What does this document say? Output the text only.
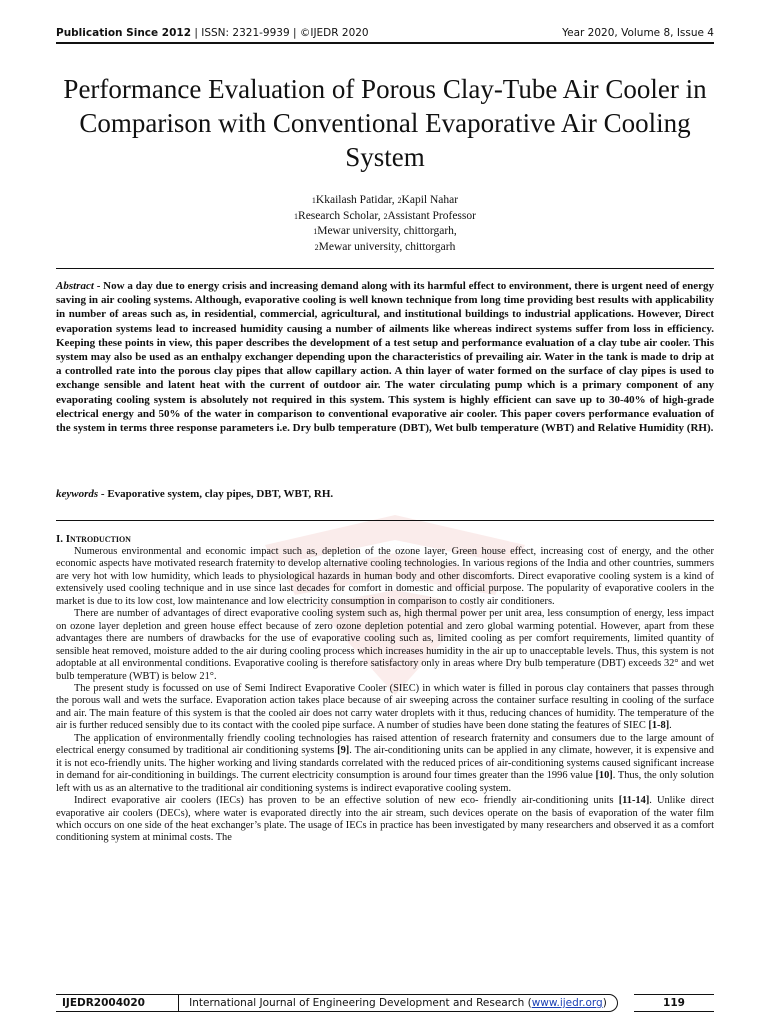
Publication Since 2012 | ISSN: 2321-9939 | ©IJEDR 2020	Year 2020, Volume 8, Issue 4
Performance Evaluation of Porous Clay-Tube Air Cooler in Comparison with Conventional Evaporative Air Cooling System
1Kkailash Patidar, 2Kapil Nahar
1Research Scholar, 2Assistant Professor
1Mewar university, chittorgarh,
2Mewar university, chittorgarh
Abstract - Now a day due to energy crisis and increasing demand along with its harmful effect to environment, there is urgent need of energy saving in air cooling systems. Although, evaporative cooling is well known technique from long time providing best results with applicability in number of areas such as, in residential, commercial, agricultural, and institutional buildings to industrial applications. However, Direct evaporation systems lead to increased humidity causing a number of ailments like whereas indirect systems suffer from loss in efficiency. Keeping these points in view, this paper describes the development of a test setup and performance evaluation of a clay tube air cooler. This system may also be used as an enthalpy exchanger depending upon the characteristics of prevailing air. Water in the tank is made to drip at a controlled rate into the porous clay pipes that allow capillary action. A thin layer of water formed on the surface of clay pipes is used to exchange sensible and latent heat with the current of outdoor air. The water circulating pump which is a primary component of any evaporating cooling system is absolutely not required in this system. This system is highly efficient can save up to 30-40% of high-grade electrical energy and 50% of the water in comparison to conventional evaporative air cooler. This paper covers performance evaluation of the system in terms three response parameters i.e. Dry bulb temperature (DBT), Wet bulb temperature (WBT) and Relative Humidity (RH).
keywords - Evaporative system, clay pipes, DBT, WBT, RH.
I. Introduction

Numerous environmental and economic impact such as, depletion of the ozone layer, Green house effect, increasing cost of energy, and the other economic aspects have motivated research fraternity to develop alternative cooling technologies. In various regions of the India and other countries, summers are very hot with low humidity, which leads to physiological hazards in human body and other discomforts. Direct evaporative cooling system is a kind of extensively used cooling technique and in use since last decades for comfort in domestic and official purpose. The popularity of evaporative coolers in the market is due to its low cost, low maintenance and low electricity consumption in comparison to costly air conditioners.

There are number of advantages of direct evaporative cooling system such as, high thermal power per unit area, less consumption of energy, less impact on ozone layer depletion and green house effect because of zero ozone depletion potential and zero global warming potential. However, apart from these advantages there are numbers of drawbacks for the use of evaporative cooling such as, limited cooling as per comfort requirements, limited quantity of sensible heat removed, moisture added to the air during cooling process which increases humidity in the air up to unacceptable levels. Thus, this system is not adoptable at all environmental conditions. Evaporative cooling is therefore satisfactory only in areas where Dry bulb temperature (DBT) exceeds 32° and wet bulb temperature (WBT) is below 21°.

The present study is focussed on use of Semi Indirect Evaporative Cooler (SIEC) in which water is filled in porous clay containers that passes through the porous wall and wets the surface. Evaporation action takes place because of air sweeping across the container surface resulting in cooling of the surface and air. The main feature of this system is that the cooled air does not carry water droplets with it thus, reducing chances of humidity. The temperature of the air is further reduced sensibly due to its contact with the cooled pipe surface. A number of studies have been done stating the features of SIEC [1-8].

The application of environmentally friendly cooling technologies has raised attention of research fraternity and consumers due to the large amount of electrical energy consumed by traditional air conditioning systems [9]. The air-conditioning units can be applied in any climate, however, it is expensive and it is not eco-friendly units. The higher working and living standards correlated with the reduced prices of air-conditioning systems caused significant increase in demand for air-conditioning in buildings. The current electricity consumption is around four times greater than the 1996 value [10]. Thus, the only solution left with us as an alternative to the traditional air conditioning systems is indirect evaporative cooling system.

Indirect evaporative air coolers (IECs) has proven to be an effective solution of new eco- friendly air-conditioning units [11-14]. Unlike direct evaporative air coolers (DECs), where water is evaporated directly into the air stream, such devices operate on the basis of evaporation of the water film which occurs on one side of the heat exchanger’s plate. The usage of IECs in practice has been investigated by many researchers and observed it as a comfort conditioning system at minimal costs. The

IJEDR2004020	International Journal of Engineering Development and Research (www.ijedr.org)	119
